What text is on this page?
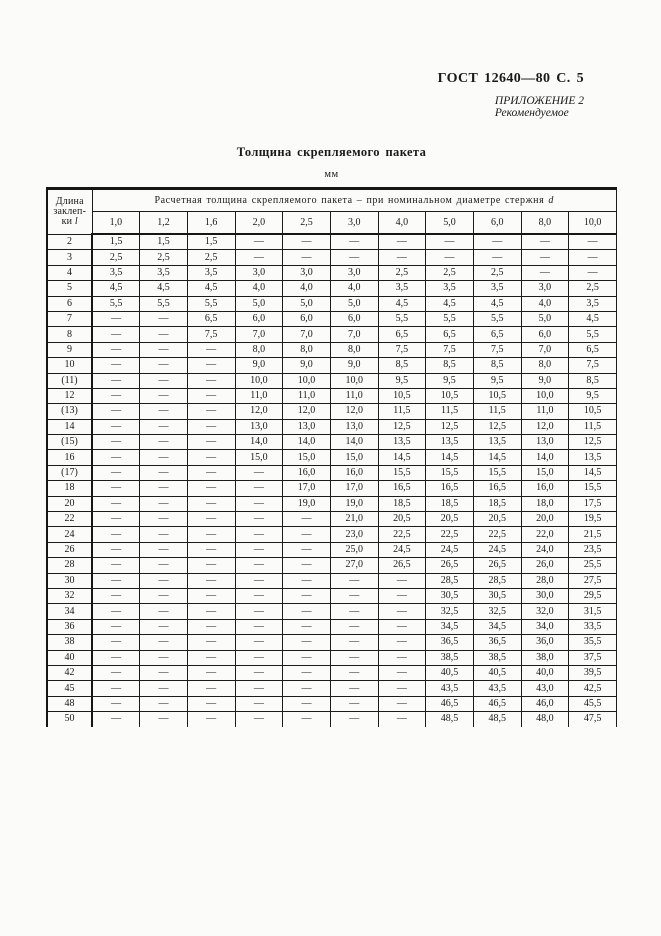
ГОСТ 12640—80 С. 5
ПРИЛОЖЕНИЕ 2
Рекомендуемое
Толщина скрепляемого пакета
мм
Длина
заклеп-
ки l	Расчетная толщина скрепляемого пакета – при номинальном диаметре стержня d										
	1,0	1,2	1,6	2,0	2,5	3,0	4,0	5,0	6,0	8,0	10,0
2	1,5	1,5	1,5	—	—	—	—	—	—	—	—
3	2,5	2,5	2,5	—	—	—	—	—	—	—	—
4	3,5	3,5	3,5	3,0	3,0	3,0	2,5	2,5	2,5	—	—
5	4,5	4,5	4,5	4,0	4,0	4,0	3,5	3,5	3,5	3,0	2,5
6	5,5	5,5	5,5	5,0	5,0	5,0	4,5	4,5	4,5	4,0	3,5
7	—	—	6,5	6,0	6,0	6,0	5,5	5,5	5,5	5,0	4,5
8	—	—	7,5	7,0	7,0	7,0	6,5	6,5	6,5	6,0	5,5
9	—	—	—	8,0	8,0	8,0	7,5	7,5	7,5	7,0	6,5
10	—	—	—	9,0	9,0	9,0	8,5	8,5	8,5	8,0	7,5
(11)	—	—	—	10,0	10,0	10,0	9,5	9,5	9,5	9,0	8,5
12	—	—	—	11,0	11,0	11,0	10,5	10,5	10,5	10,0	9,5
(13)	—	—	—	12,0	12,0	12,0	11,5	11,5	11,5	11,0	10,5
14	—	—	—	13,0	13,0	13,0	12,5	12,5	12,5	12,0	11,5
(15)	—	—	—	14,0	14,0	14,0	13,5	13,5	13,5	13,0	12,5
16	—	—	—	15,0	15,0	15,0	14,5	14,5	14,5	14,0	13,5
(17)	—	—	—	—	16,0	16,0	15,5	15,5	15,5	15,0	14,5
18	—	—	—	—	17,0	17,0	16,5	16,5	16,5	16,0	15,5
20	—	—	—	—	19,0	19,0	18,5	18,5	18,5	18,0	17,5
22	—	—	—	—	—	21,0	20,5	20,5	20,5	20,0	19,5
24	—	—	—	—	—	23,0	22,5	22,5	22,5	22,0	21,5
26	—	—	—	—	—	25,0	24,5	24,5	24,5	24,0	23,5
28	—	—	—	—	—	27,0	26,5	26,5	26,5	26,0	25,5
30	—	—	—	—	—	—	—	28,5	28,5	28,0	27,5
32	—	—	—	—	—	—	—	30,5	30,5	30,0	29,5
34	—	—	—	—	—	—	—	32,5	32,5	32,0	31,5
36	—	—	—	—	—	—	—	34,5	34,5	34,0	33,5
38	—	—	—	—	—	—	—	36,5	36,5	36,0	35,5
40	—	—	—	—	—	—	—	38,5	38,5	38,0	37,5
42	—	—	—	—	—	—	—	40,5	40,5	40,0	39,5
45	—	—	—	—	—	—	—	43,5	43,5	43,0	42,5
48	—	—	—	—	—	—	—	46,5	46,5	46,0	45,5
50	—	—	—	—	—	—	—	48,5	48,5	48,0	47,5
